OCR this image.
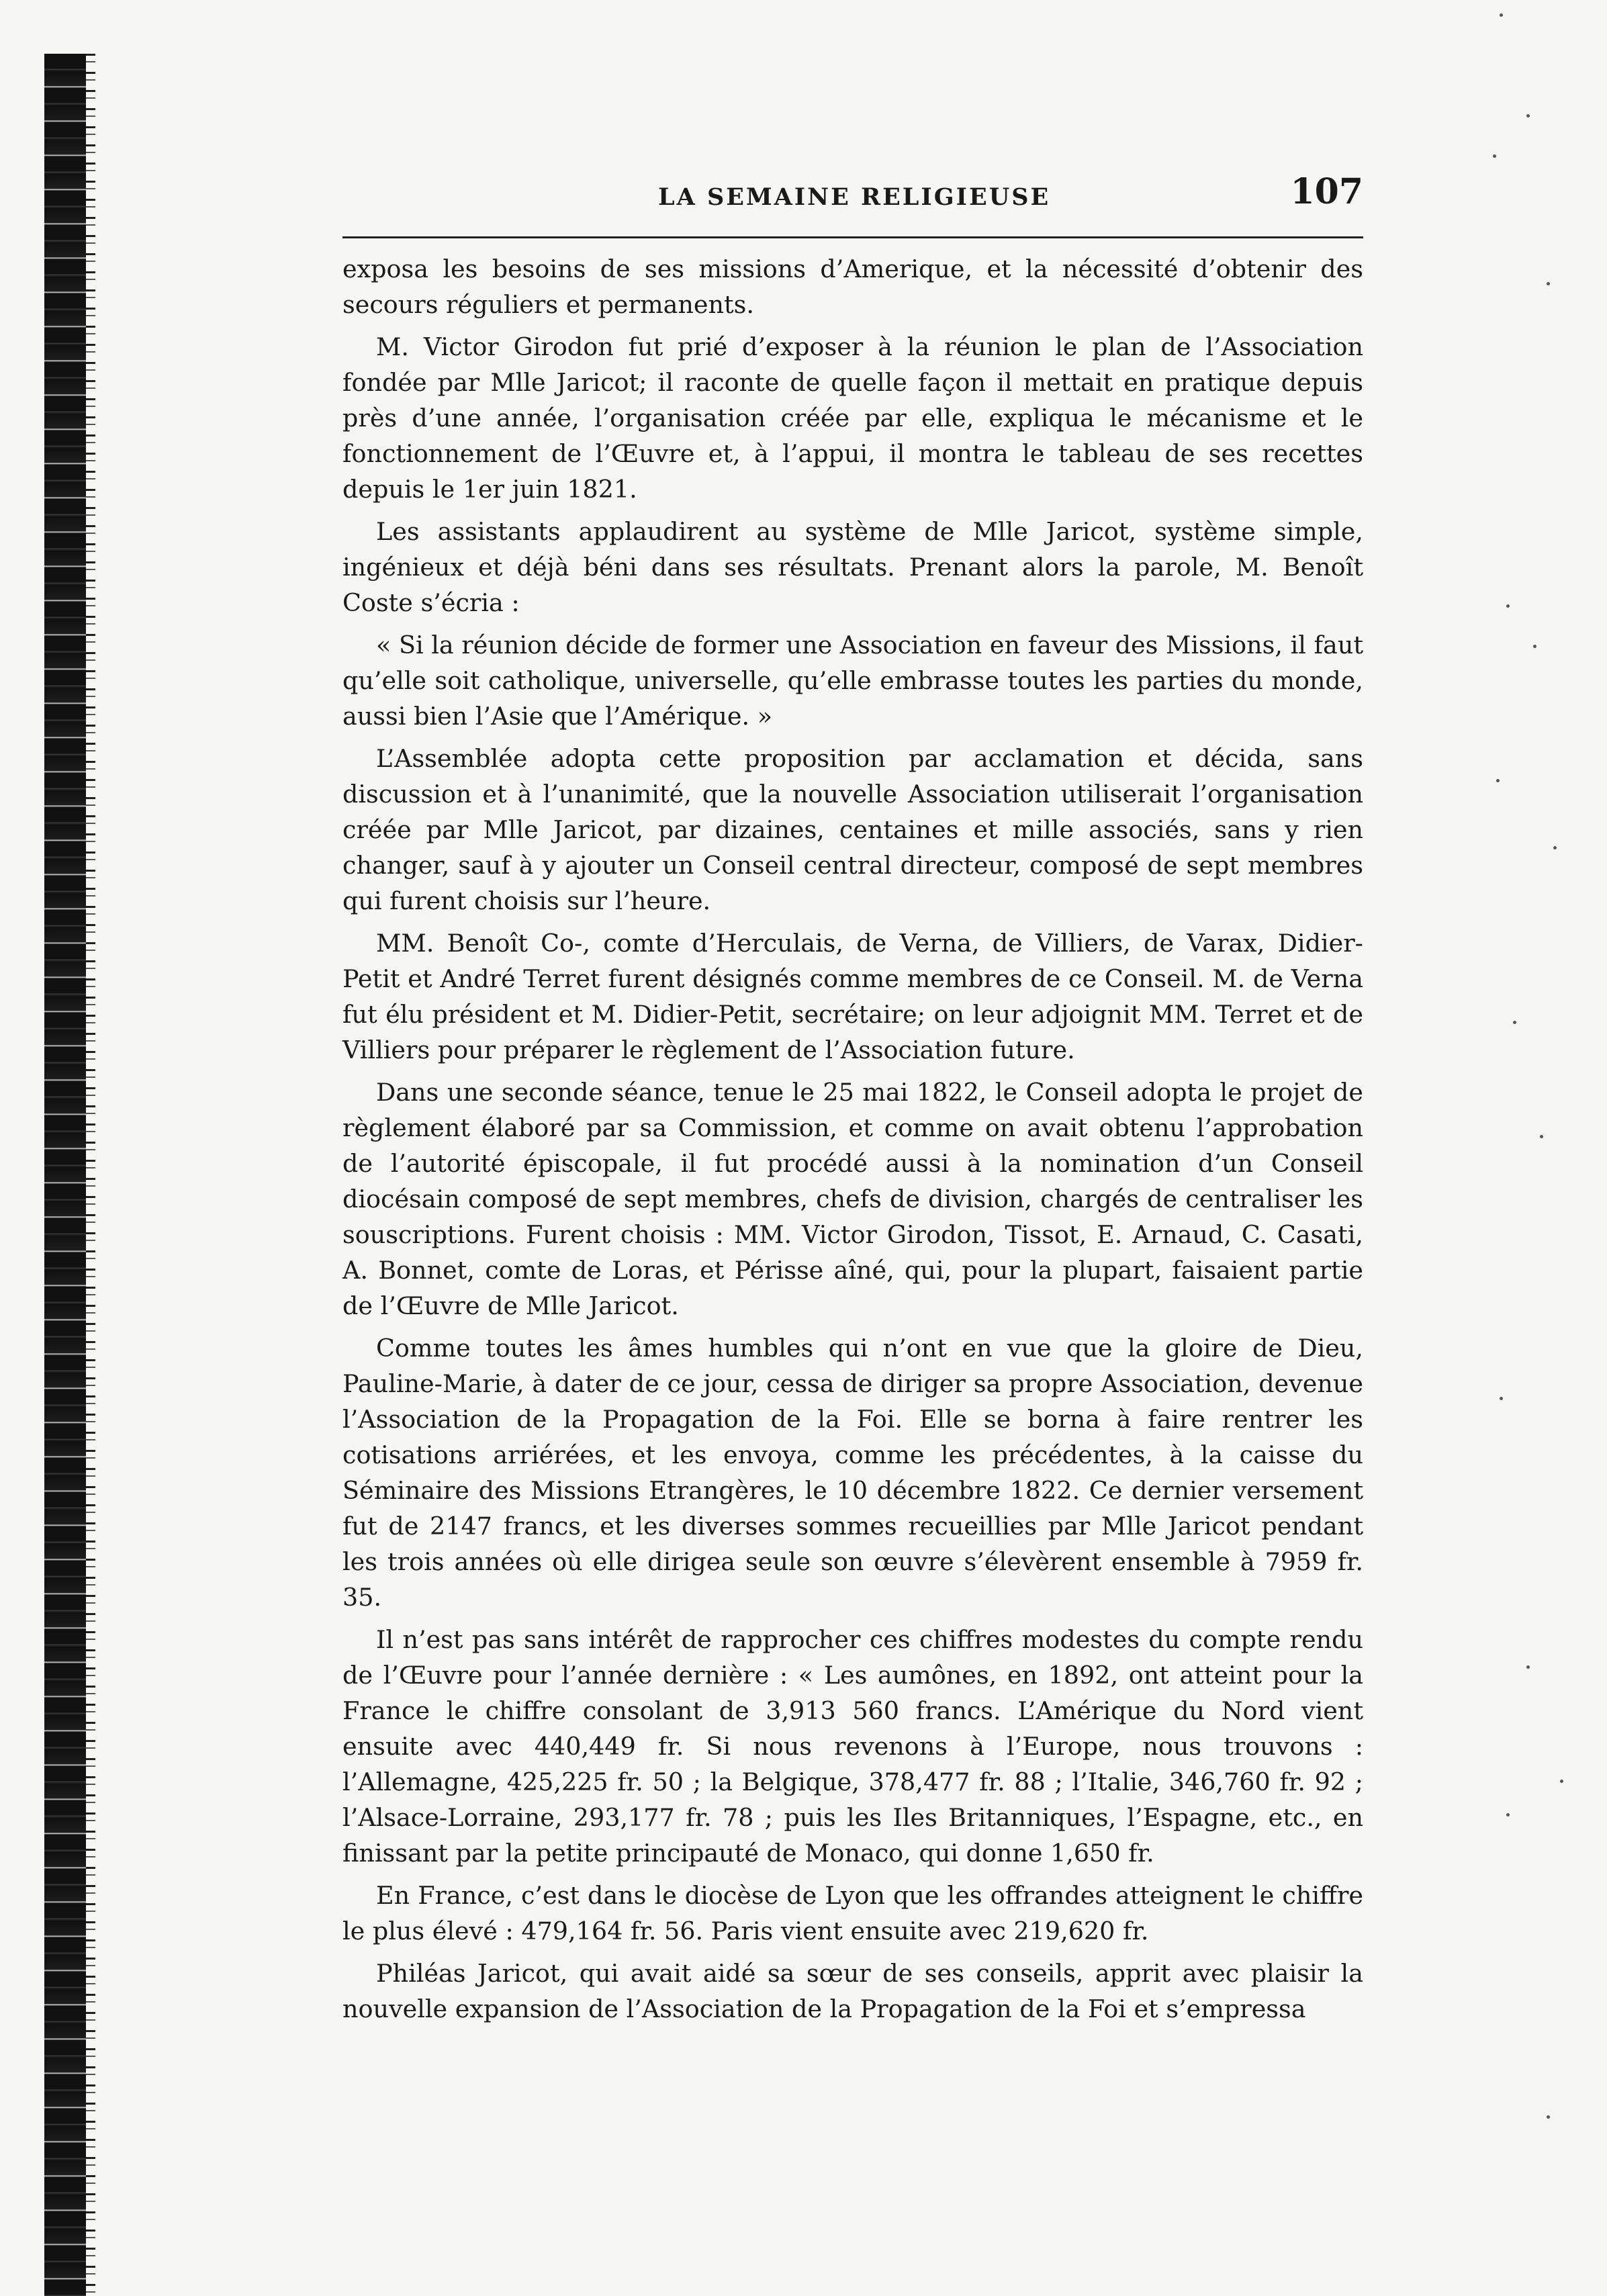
LA SEMAINE RELIGIEUSE	107

exposa les besoins de ses missions d’Amerique, et la nécessité d’obtenir des secours réguliers et permanents.

M. Victor Girodon fut prié d’exposer à la réunion le plan de l’Association fondée par Mlle Jaricot; il raconte de quelle façon il mettait en pratique depuis près d’une année, l’organisation créée par elle, expliqua le mécanisme et le fonctionnement de l’Œuvre et, à l’appui, il montra le tableau de ses recettes depuis le 1er juin 1821.

Les assistants applaudirent au système de Mlle Jaricot, système simple, ingénieux et déjà béni dans ses résultats. Prenant alors la parole, M. Benoît Coste s’écria :

« Si la réunion décide de former une Association en faveur des Missions, il faut qu’elle soit catholique, universelle, qu’elle embrasse toutes les parties du monde, aussi bien l’Asie que l’Amérique. »

L’Assemblée adopta cette proposition par acclamation et décida, sans discussion et à l’unanimité, que la nouvelle Association utiliserait l’organisation créée par Mlle Jaricot, par dizaines, centaines et mille associés, sans y rien changer, sauf à y ajouter un Conseil central directeur, composé de sept membres qui furent choisis sur l’heure.

MM. Benoît Co-, comte d’Herculais, de Verna, de Villiers, de Varax, Didier-Petit et André Terret furent désignés comme membres de ce Conseil. M. de Verna fut élu président et M. Didier-Petit, secrétaire; on leur adjoignit MM. Terret et de Villiers pour préparer le règlement de l’Association future.

Dans une seconde séance, tenue le 25 mai 1822, le Conseil adopta le projet de règlement élaboré par sa Commission, et comme on avait obtenu l’approbation de l’autorité épiscopale, il fut procédé aussi à la nomination d’un Conseil diocésain composé de sept membres, chefs de division, chargés de centraliser les souscriptions. Furent choisis : MM. Victor Girodon, Tissot, E. Arnaud, C. Casati, A. Bonnet, comte de Loras, et Périsse aîné, qui, pour la plupart, faisaient partie de l’Œuvre de Mlle Jaricot.

Comme toutes les âmes humbles qui n’ont en vue que la gloire de Dieu, Pauline-Marie, à dater de ce jour, cessa de diriger sa propre Association, devenue l’Association de la Propagation de la Foi. Elle se borna à faire rentrer les cotisations arriérées, et les envoya, comme les précédentes, à la caisse du Séminaire des Missions Etrangères, le 10 décembre 1822. Ce dernier versement fut de 2147 francs, et les diverses sommes recueillies par Mlle Jaricot pendant les trois années où elle dirigea seule son œuvre s’élevèrent ensemble à 7959 fr. 35.

Il n’est pas sans intérêt de rapprocher ces chiffres modestes du compte rendu de l’Œuvre pour l’année dernière : « Les aumônes, en 1892, ont atteint pour la France le chiffre consolant de 3,913 560 francs. L’Amérique du Nord vient ensuite avec 440,449 fr. Si nous revenons à l’Europe, nous trouvons : l’Allemagne, 425,225 fr. 50 ; la Belgique, 378,477 fr. 88 ; l’Italie, 346,760 fr. 92 ; l’Alsace-Lorraine, 293,177 fr. 78 ; puis les Iles Britanniques, l’Espagne, etc., en finissant par la petite principauté de Monaco, qui donne 1,650 fr.

En France, c’est dans le diocèse de Lyon que les offrandes atteignent le chiffre le plus élevé : 479,164 fr. 56. Paris vient ensuite avec 219,620 fr.

Philéas Jaricot, qui avait aidé sa sœur de ses conseils, apprit avec plaisir la nouvelle expansion de l’Association de la Propagation de la Foi et s’empressa
